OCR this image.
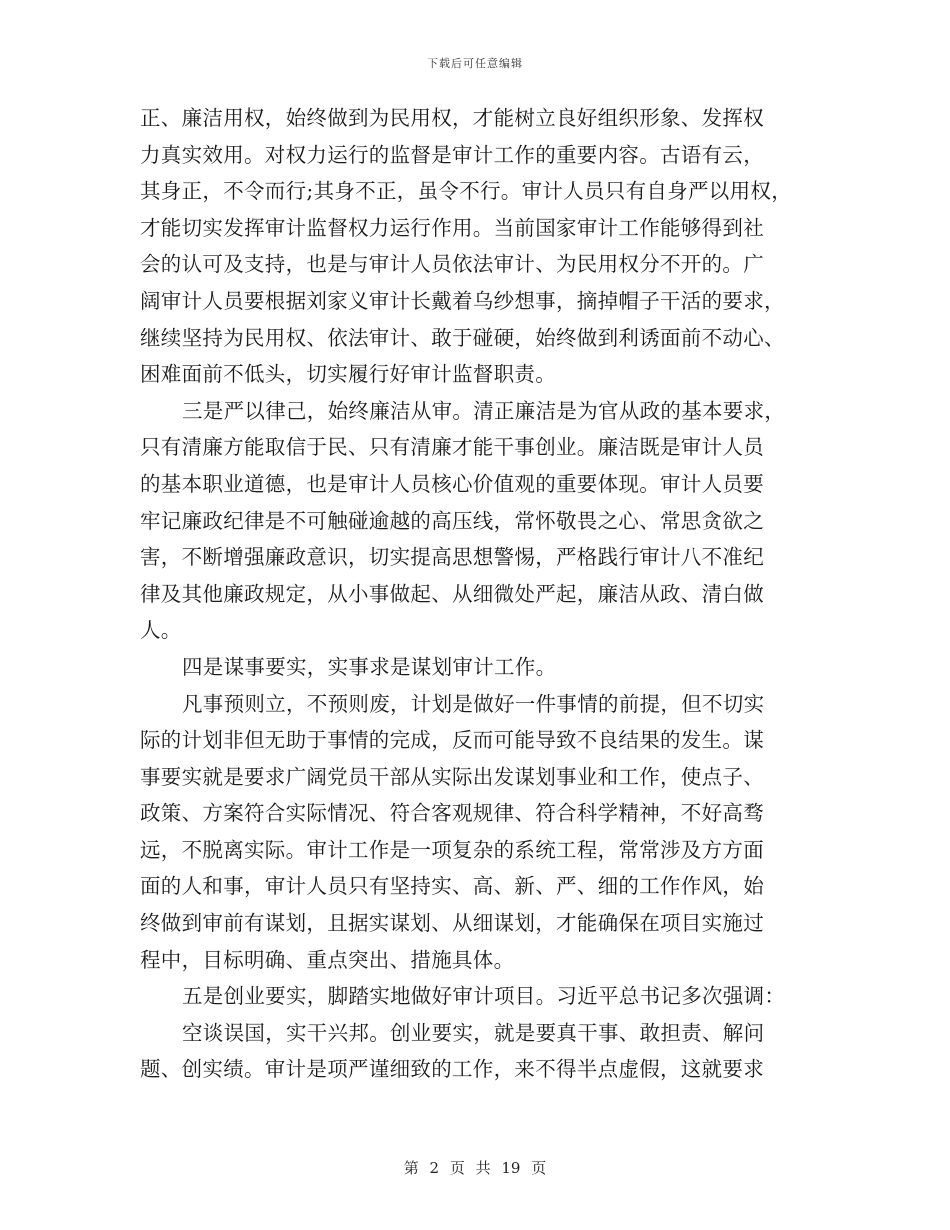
下载后可任意编辑
正、廉洁用权，始终做到为民用权，才能树立良好组织形象、发挥权
力真实效用。对权力运行的监督是审计工作的重要内容。古语有云，
其身正，不令而行;其身不正，虽令不行。审计人员只有自身严以用权，
才能切实发挥审计监督权力运行作用。当前国家审计工作能够得到社
会的认可及支持，也是与审计人员依法审计、为民用权分不开的。广
阔审计人员要根据刘家义审计长戴着乌纱想事，摘掉帽子干活的要求，
继续坚持为民用权、依法审计、敢于碰硬，始终做到利诱面前不动心、
困难面前不低头，切实履行好审计监督职责。
三是严以律己，始终廉洁从审。清正廉洁是为官从政的基本要求，
只有清廉方能取信于民、只有清廉才能干事创业。廉洁既是审计人员
的基本职业道德，也是审计人员核心价值观的重要体现。审计人员要
牢记廉政纪律是不可触碰逾越的高压线，常怀敬畏之心、常思贪欲之
害，不断增强廉政意识，切实提高思想警惕，严格践行审计八不准纪
律及其他廉政规定，从小事做起、从细微处严起，廉洁从政、清白做
人。
四是谋事要实，实事求是谋划审计工作。
凡事预则立，不预则废，计划是做好一件事情的前提，但不切实
际的计划非但无助于事情的完成，反而可能导致不良结果的发生。谋
事要实就是要求广阔党员干部从实际出发谋划事业和工作，使点子、
政策、方案符合实际情况、符合客观规律、符合科学精神，不好高骛
远，不脱离实际。审计工作是一项复杂的系统工程，常常涉及方方面
面的人和事，审计人员只有坚持实、高、新、严、细的工作作风，始
终做到审前有谋划，且据实谋划、从细谋划，才能确保在项目实施过
程中，目标明确、重点突出、措施具体。
五是创业要实，脚踏实地做好审计项目。习近平总书记多次强调：
空谈误国，实干兴邦。创业要实，就是要真干事、敢担责、解问
题、创实绩。审计是项严谨细致的工作，来不得半点虚假，这就要求
第 2 页 共 19 页
